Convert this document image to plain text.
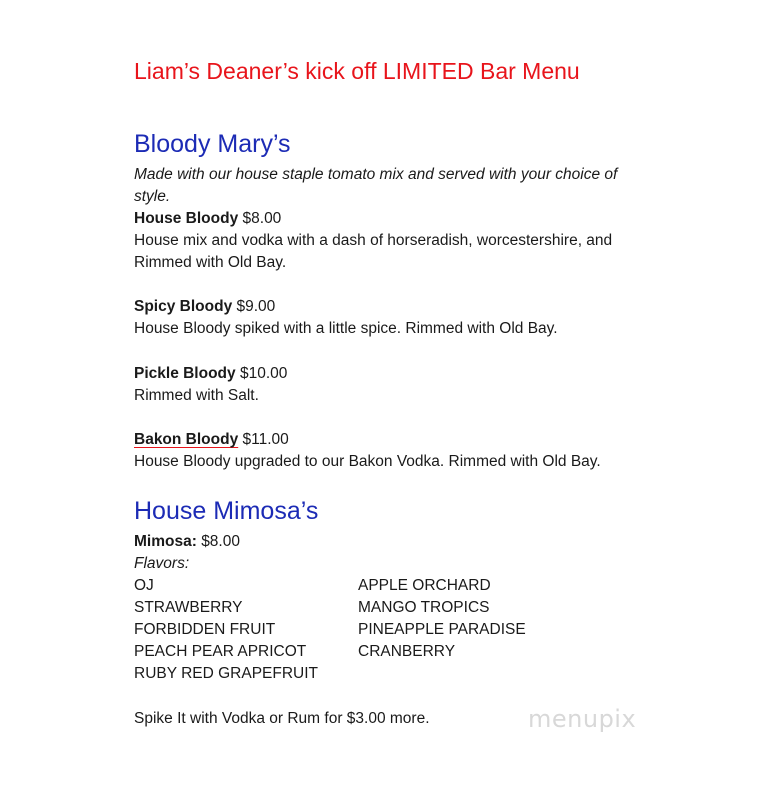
Liam’s Deaner’s kick off LIMITED Bar Menu
Bloody Mary’s
Made with our house staple tomato mix and served with your choice of
style.
House Bloody $8.00
House mix and vodka with a dash of horseradish, worcestershire, and
Rimmed with Old Bay.
Spicy Bloody $9.00
House Bloody spiked with a little spice. Rimmed with Old Bay.
Pickle Bloody $10.00
Rimmed with Salt.
Bakon Bloody $11.00
House Bloody upgraded to our Bakon Vodka. Rimmed with Old Bay.
House Mimosa’s
Mimosa: $8.00
Flavors:
OJ
STRAWBERRY
FORBIDDEN FRUIT
PEACH PEAR APRICOT
RUBY RED GRAPEFRUIT
APPLE ORCHARD
MANGO TROPICS
PINEAPPLE PARADISE
CRANBERRY
Spike It with Vodka or Rum for $3.00 more.	menupix
